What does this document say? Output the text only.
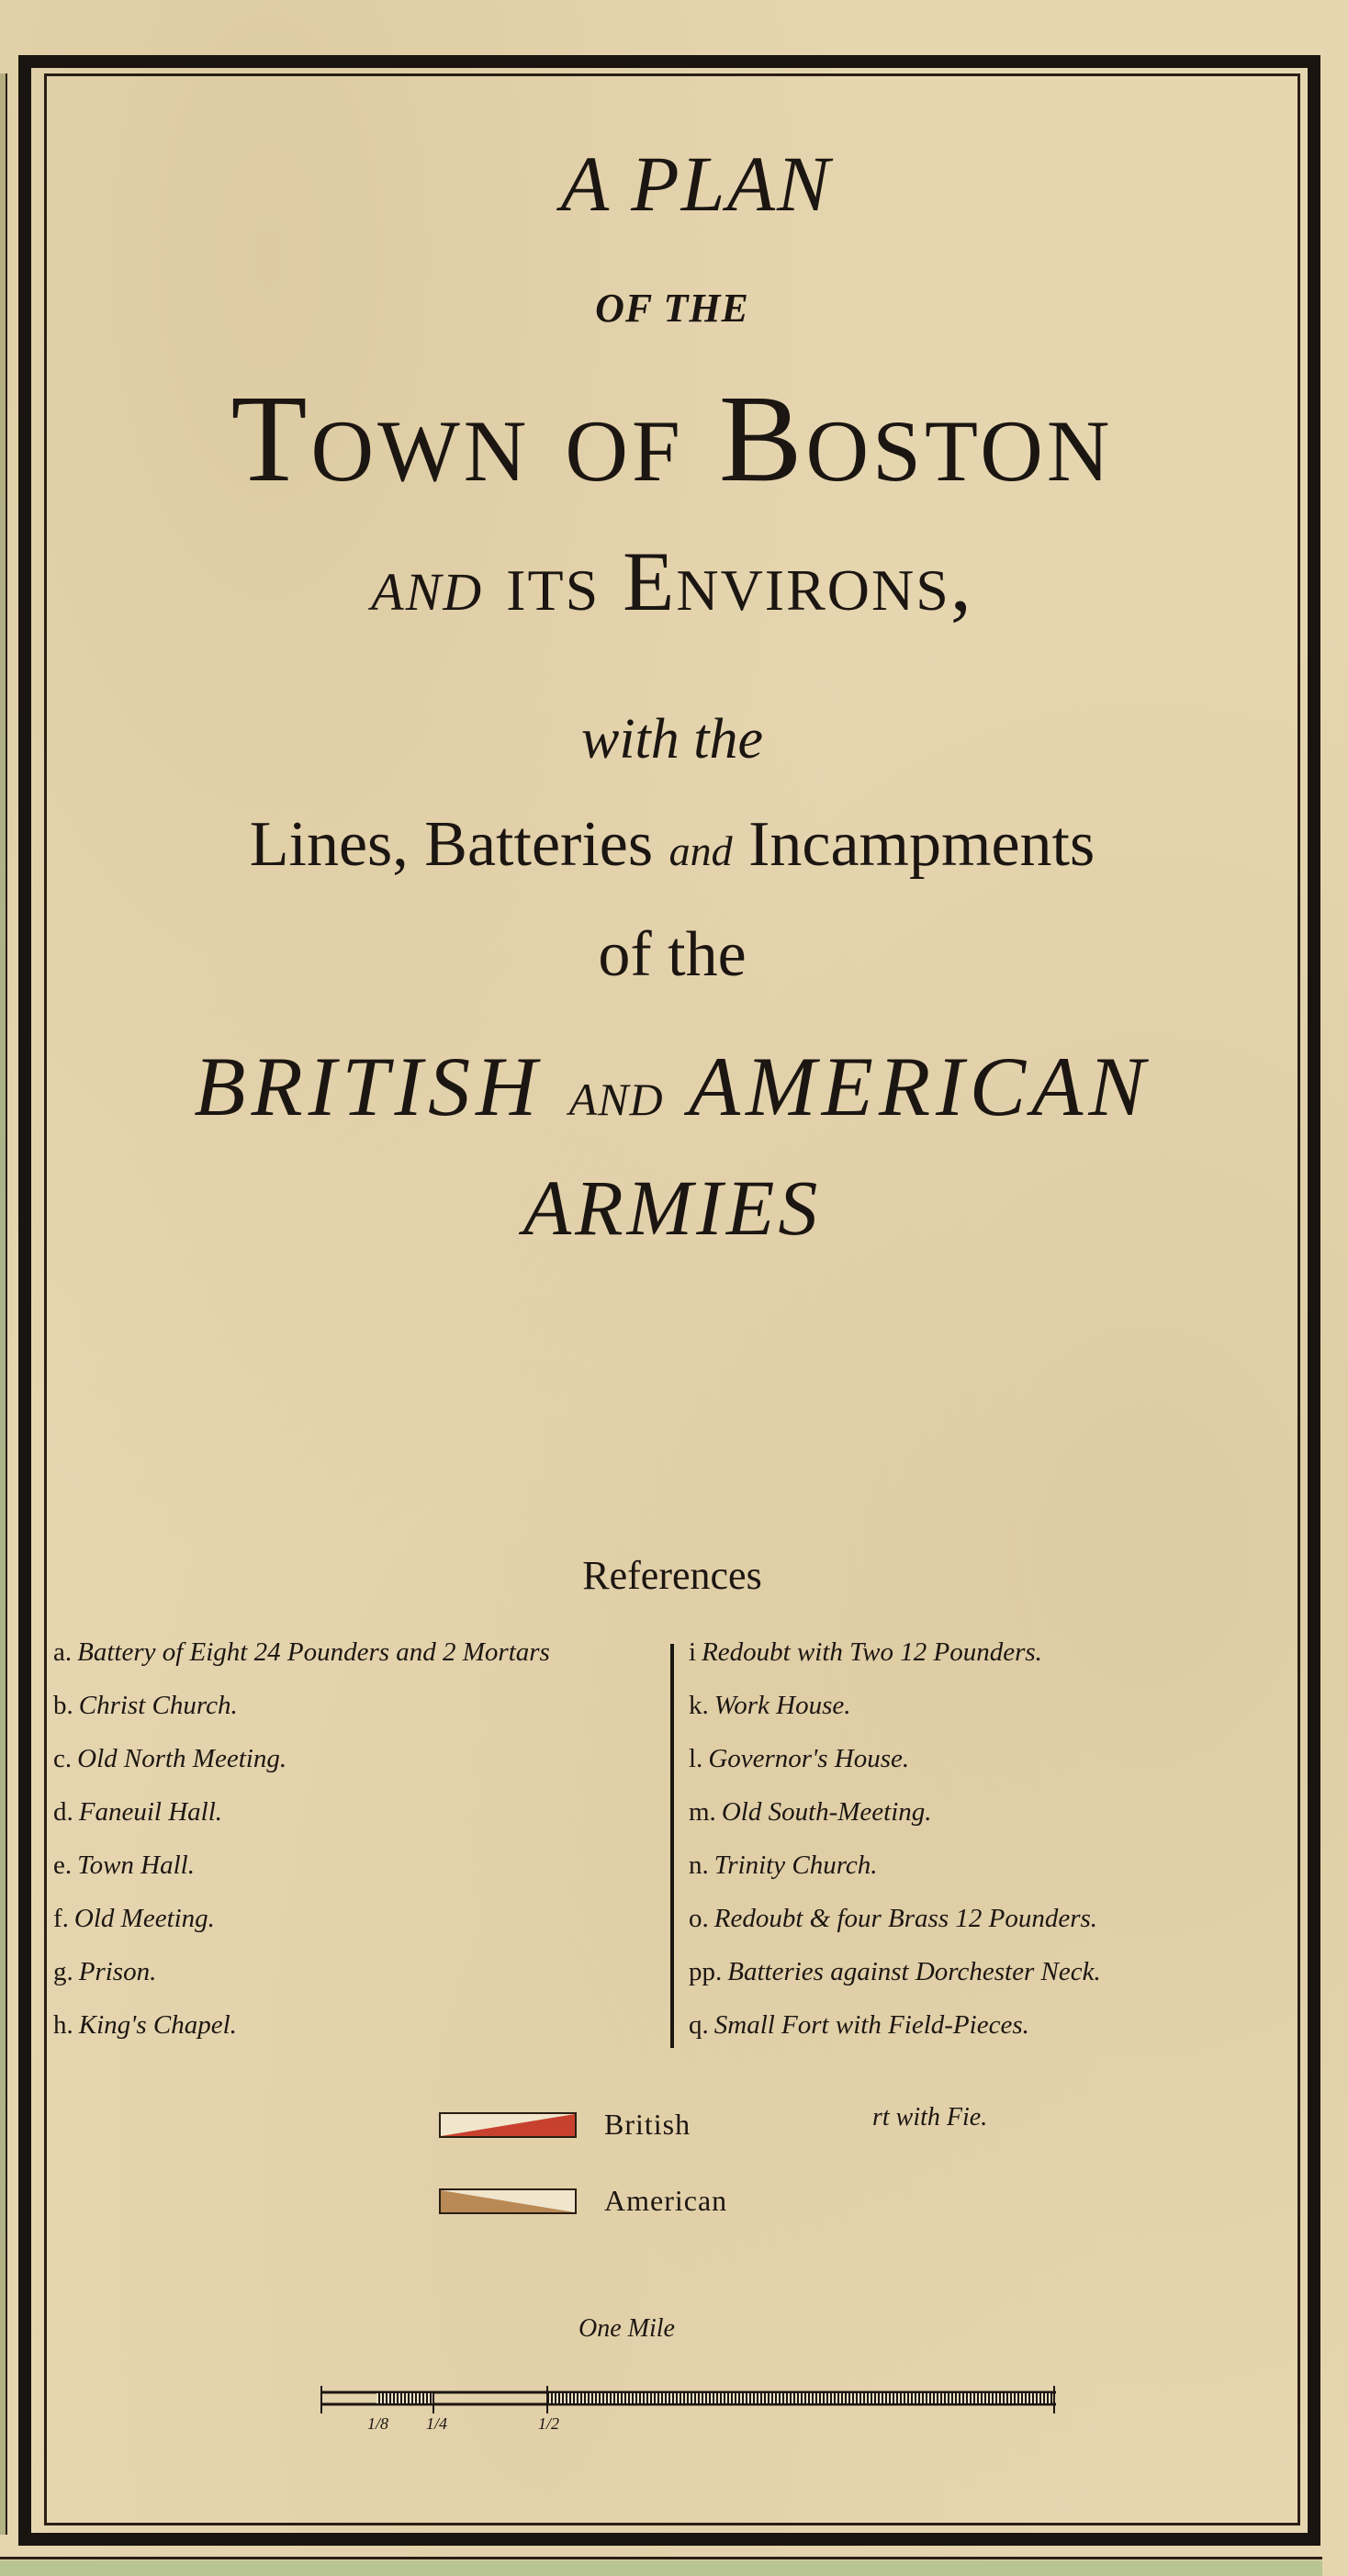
A PLAN
OF THE
Town of Boston
AND its Environs,
with the
Lines, Batteries and Incampments
of the
BRITISH AND AMERICAN
ARMIES
References
a. Battery of Eight 24 Pounders and 2 Mortars
b. Christ Church.
c. Old North Meeting.
d. Faneuil Hall.
e. Town Hall.
f. Old Meeting.
g. Prison.
h. King's Chapel.
i Redoubt with Two 12 Pounders.
k. Work House.
l. Governor's House.
m. Old South-Meeting.
n. Trinity Church.
o. Redoubt & four Brass 12 Pounders.
pp. Batteries against Dorchester Neck.
q. Small Fort with Field-Pieces.
rt with Fie.
British
American
One Mile
1/8 1/4	1/2
